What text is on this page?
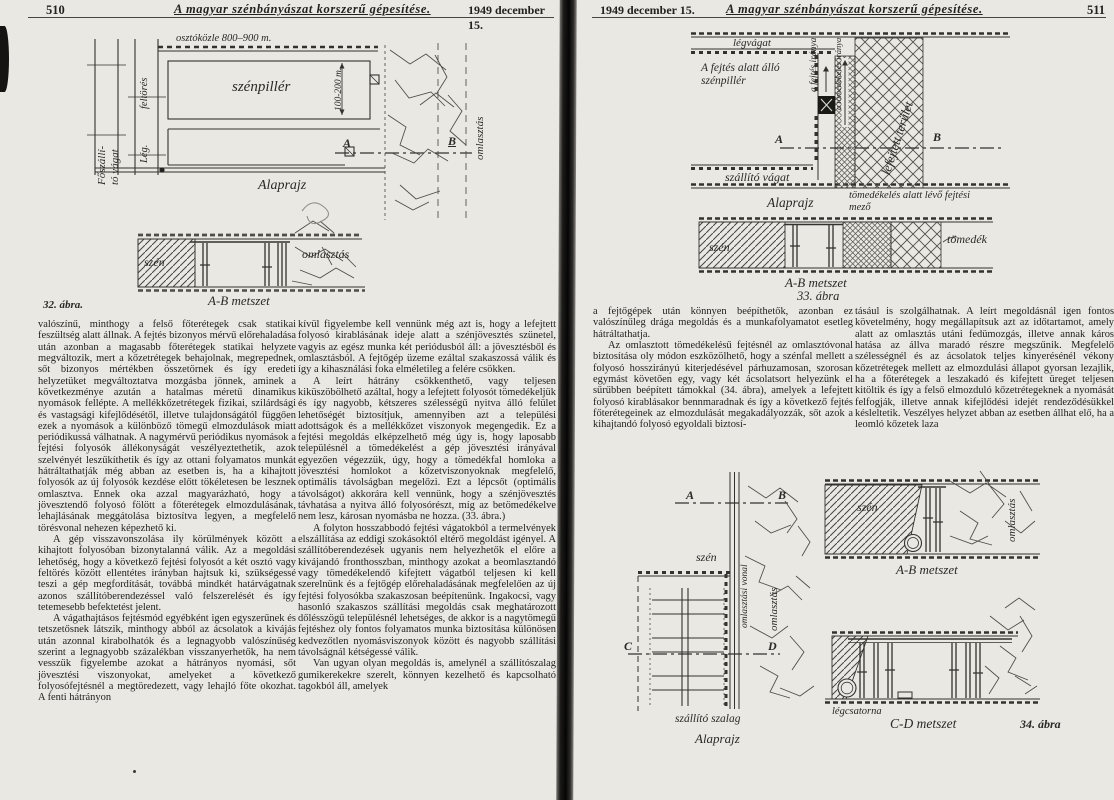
510	A magyar szénbányászat korszerű gépesítése.	1949 december 15.
osztóközle 800–900 m.
szénpillér	100-200 m.
Főszállí- tó vágat
feltörés
Lég.
A	B omlasztás
Alaprajz
szén
omlasztás
A-B metszet
32. ábra.

valószínű, minthogy a felső főterétegek csak statikai feszültség alatt állnak. A fejtés bizonyos mérvű előrehaladása után azonban a magasabb főterétegek statikai helyzete megváltozik, mert a kőzetrétegek behajolnak, megrepednek, sőt bizonyos mértékben összetörnek és így eredeti helyzetüket megváltoztatva mozgásba jönnek, aminek a következménye azután a hatalmas méretű dinamikus nyomások fellépte. A mellékkőzetrétegek fizikai, szilárdsági és vastagsági kifejlődésétől, illetve tulajdonságától függően ezek a nyomások a különböző tömegű elmozdulások miatt periódikussá válhatnak. A nagymérvű periódikus nyomások a fejtési folyosók állékonyságát veszélyeztethetik, azok szelvényét leszűkíthetik és így az ottani folyamatos munkát hátráltathatják még abban az esetben is, ha a kihajtott folyosók az új folyosók kezdése előtt tökéletesen be lesznek omlasztva. Ennek oka azzal magyarázható, hogy a jövesztendő folyosó fölött a főterétegek elmozdulásának, lehajlásának meggátolása biztosítva legyen, a megfelelő törésvonal nehezen képezhető ki.

A gép visszavonszolása ily körülmények között a kihajtott folyosóban bizonytalanná válik. Az a megoldási lehetőség, hogy a következő fejtési folyosót a két osztó vagy feltörés között ellentétes irányban hajtsuk ki, szükségessé teszi a gép megfordítását, továbbá mindkét határvágatnak azonos szállítóberendezéssel való felszerelését és így tetemesebb befektetést jelent.

A vágathajtásos fejtésmód egyébként igen egyszerűnek és tetszetősnek látszik, minthogy abból az ácsolatok a kivájás után azonnal kirabolhatók és a legnagyobb valószínűség szerint a legnagyobb százalékban visszanyerhetők, ha nem vesszük figyelembe azokat a hátrányos nyomási, sőt jövesztési viszonyokat, amelyeket a következő folyosófejtésnél a megtöredezett, vagy lehajló főte okozhat. A fenti hátrányon

kívül figyelembe kell vennünk még azt is, hogy a lefejtett folyosó kirablásának ideje alatt a szénjövesztés szünetel, vagyis az egész munka két periódusból áll: a jövesztésből és omlasztásból. A fejtőgép üzeme ezáltal szakaszossá válik és így a kihasználási foka elméletileg a felére csökken.

A leírt hátrány csökkenthető, vagy teljesen kiküszöbölhető azáltal, hogy a lefejtett folyosót tömedékeljük és így nagyobb, kétszeres szélességű nyitva álló felület lehetőségét biztosítjuk, amennyiben azt a települési adottságok és a mellékkőzet viszonyok megengedik. Ez a fejtési megoldás elképzelhető még úgy is, hogy laposabb településnél a tömedékelést a gép jövesztési irányával egyezően végezzük, úgy, hogy a tömedékfal homloka a jövesztési homlokot a kőzetviszonyoknak megfelelő, optimális távolságban megelőzi. Ezt a lépcsőt (optimális távolságot) akkorára kell vennünk, hogy a szénjövesztés távhatása a nyitva álló folyosórészt, míg az betömedékelve nem lesz, károsan nyomásba ne hozza. (33. ábra.)

A folyton hosszabbodó fejtési vágatokból a termelvények elszállítása az eddigi szokásoktól eltérő megoldást igényel. A szállítóberendezések ugyanis nem helyezhetők el előre a kivájandó fronthosszban, minthogy azokat a beomlasztandó vagy tömedékelendő kifejtett vágatból teljesen ki kell szerelnünk és a fejtőgép előrehaladásának megfelelően az új fejtési folyosókba szakaszosan beépítenünk. Ingakocsi, vagy hasonló szakaszos szállítási megoldás csak meghatározott dőlésszögű településnél lehetséges, de akkor is a nagytömegű fejtéshez oly fontos folyamatos munka biztosítása különösen kedvezőtlen nyomásviszonyok között és nagyobb szállítási távolságnál kétségessé válik.

Van ugyan olyan megoldás is, amelynél a szállítószalag gumikerekekre szerelt, könnyen kezelhető és kapcsolható tagokból áll, amelyek

1949 december 15. A magyar szénbányászat korszerű gépesítése.	511
légvágat
A fejtés alatt álló szénpillér	a fejtés iránya a tömedékelés iránya
lefejtett terület
A	B
szállító vágat
Alaprajz	tömedékelés alatt lévő fejtési mező
szén
tömedék
A-B metszet
33. ábra

a fejtőgépek után könnyen beépíthetők, azonban ez valószínűleg drága megoldás és a munkafolyamatot esetleg hátráltathatja.

Az omlasztott tömedékelésű fejtésnél az omlasztóvonal biztosítása oly módon eszközölhető, hogy a szénfal mellett a folyosó hosszirányú kiterjedésével párhuzamosan, szorosan egymást követően egy, vagy két ácsolatsort helyezünk el sűrűbben beépített támokkal (34. ábra), amelyek a lefejtett folyosó kirablásakor bennmaradnak és így a következő fejtés főterétegeinek az elmozdulását megakadályozzák, sőt azok a kihajtandó folyosó egyoldali biztosí-

tásául is szolgálhatnak. A leírt megoldásnál igen fontos követelmény, hogy megállapítsuk azt az időtartamot, amely alatt az omlasztás utáni fedümozgás, illetve annak káros hatása az állva maradó részre megszűnik. Megfelelő szélességnél és az ácsolatok teljes kinyerésénél vékony kőzetrétegek mellett az elmozdulási állapot gyorsan lezajlik, ha a főterétegek a leszakadó és kifejtett üreget teljesen kitöltik és így a felső elmozduló kőzetrétegeknek a nyomását felfogják, illetve annak kifejlődési idejét rendeződésükkel késleltetik. Veszélyes helyzet abban az esetben állhat elő, ha a leomló kőzetek laza

A	B
szén
omlasztási vonal omlasztás
C	D
szállító szalag
Alaprajz
szén	omlasztás
A-B metszet
légcsatorna
C-D metszet	34. ábra
